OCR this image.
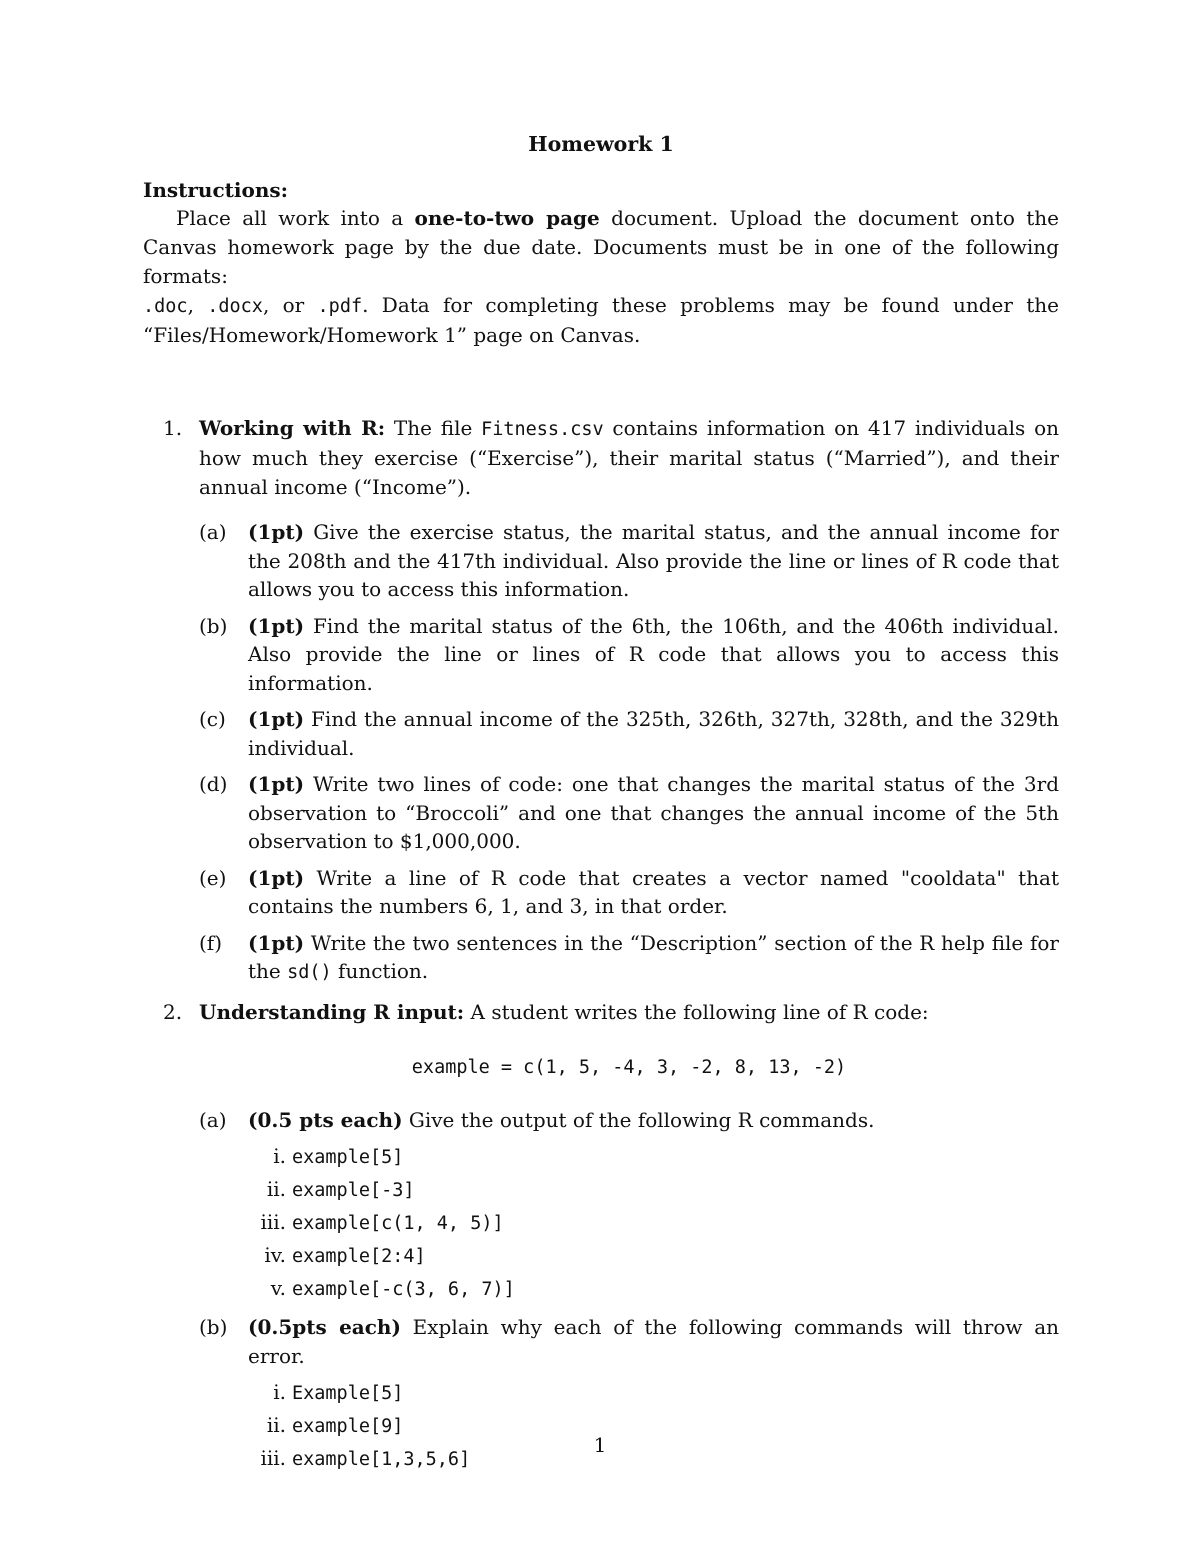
Homework 1
Instructions:

Place all work into a one-to-two page document. Upload the document onto the Canvas homework page by the due date. Documents must be in one of the following formats:
.doc, .docx, or .pdf. Data for completing these problems may be found under the “Files/Homework/Homework 1” page on Canvas.

1. Working with R: The file Fitness.csv contains information on 417 individuals on how much they exercise (“Exercise”), their marital status (“Married”), and their annual income (“Income”).
(a) (1pt) Give the exercise status, the marital status, and the annual income for the 208th and the 417th individual. Also provide the line or lines of R code that allows you to access this information.
(b) (1pt) Find the marital status of the 6th, the 106th, and the 406th individual. Also provide the line or lines of R code that allows you to access this information.
(c) (1pt) Find the annual income of the 325th, 326th, 327th, 328th, and the 329th individual.
(d) (1pt) Write two lines of code: one that changes the marital status of the 3rd observation to “Broccoli” and one that changes the annual income of the 5th observation to $1,000,000.
(e) (1pt) Write a line of R code that creates a vector named "cooldata" that contains the numbers 6, 1, and 3, in that order.
(f) (1pt) Write the two sentences in the “Description” section of the R help file for the sd() function.
2. Understanding R input: A student writes the following line of R code:
example = c(1, 5, -4, 3, -2, 8, 13, -2)
(a) (0.5 pts each) Give the output of the following R commands.
i. example[5]
ii. example[-3]
iii. example[c(1, 4, 5)]
iv. example[2:4]
v. example[-c(3, 6, 7)]
(b) (0.5pts each) Explain why each of the following commands will throw an error.
i. Example[5]
ii. example[9]
iii. example[1,3,5,6]
1
